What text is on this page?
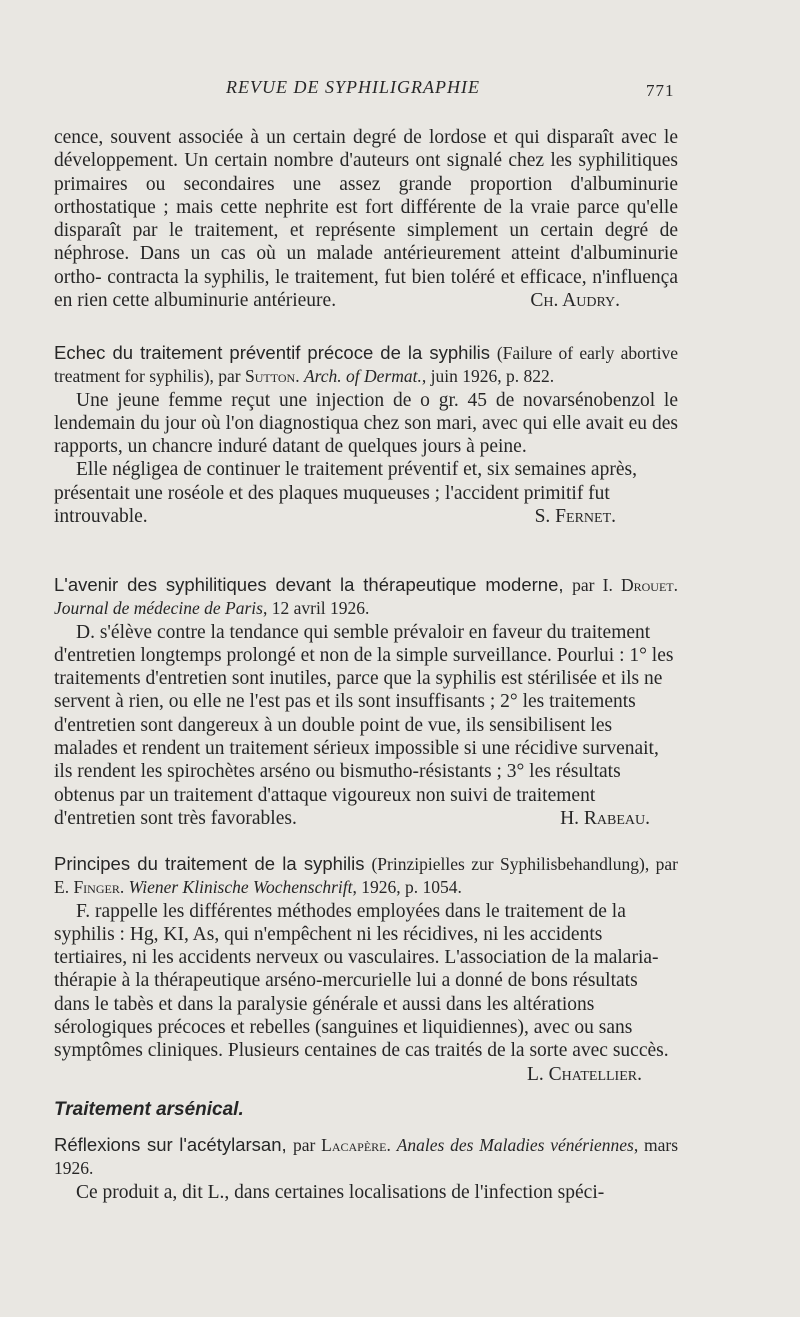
REVUE DE SYPHILIGRAPHIE	771

cence, souvent associée à un certain degré de lordose et qui disparaît avec le développement. Un certain nombre d'auteurs ont signalé chez les syphilitiques primaires ou secondaires une assez grande proportion d'albuminurie orthostatique ; mais cette nephrite est fort différente de la vraie parce qu'elle disparaît par le traitement, et représente simplement un certain degré de néphrose. Dans un cas où un malade antérieurement atteint d'albuminurie ortho- contracta la syphilis, le traitement, fut bien toléré et efficace, n'influença en rien cette albuminurie antérieure.	Ch. Audry.

Echec du traitement préventif précoce de la syphilis (Failure of early abortive treatment for syphilis), par Sutton. Arch. of Dermat., juin 1926, p. 822.

Une jeune femme reçut une injection de o gr. 45 de novarsénobenzol le lendemain du jour où l'on diagnostiqua chez son mari, avec qui elle avait eu des rapports, un chancre induré datant de quelques jours à peine.

Elle négligea de continuer le traitement préventif et, six semaines après, présentait une roséole et des plaques muqueuses ; l'accident primitif fut introuvable.	S. Fernet.

L'avenir des syphilitiques devant la thérapeutique moderne, par I. Drouet. Journal de médecine de Paris, 12 avril 1926.

D. s'élève contre la tendance qui semble prévaloir en faveur du traitement d'entretien longtemps prolongé et non de la simple surveillance. Pourlui : 1° les traitements d'entretien sont inutiles, parce que la syphilis est stérilisée et ils ne servent à rien, ou elle ne l'est pas et ils sont insuffisants ; 2° les traitements d'entretien sont dangereux à un double point de vue, ils sensibilisent les malades et rendent un traitement sérieux impossible si une récidive survenait, ils rendent les spirochètes arséno ou bismutho-résistants ; 3° les résultats obtenus par un traitement d'attaque vigoureux non suivi de traitement d'entretien sont très favorables.	H. Rabeau.

Principes du traitement de la syphilis (Prinzipielles zur Syphilisbehandlung), par E. Finger. Wiener Klinische Wochenschrift, 1926, p. 1054.

F. rappelle les différentes méthodes employées dans le traitement de la syphilis : Hg, KI, As, qui n'empêchent ni les récidives, ni les accidents tertiaires, ni les accidents nerveux ou vasculaires. L'association de la malaria-thérapie à la thérapeutique arséno-mercurielle lui a donné de bons résultats dans le tabès et dans la paralysie générale et aussi dans les altérations sérologiques précoces et rebelles (sanguines et liquidiennes), avec ou sans symptômes cliniques. Plusieurs centaines de cas traités de la sorte avec succès.
L. Chatellier.

Traitement arsénical.

Réflexions sur l'acétylarsan, par Lacapère. Anales des Maladies vénériennes, mars 1926.

Ce produit a, dit L., dans certaines localisations de l'infection spéci-
